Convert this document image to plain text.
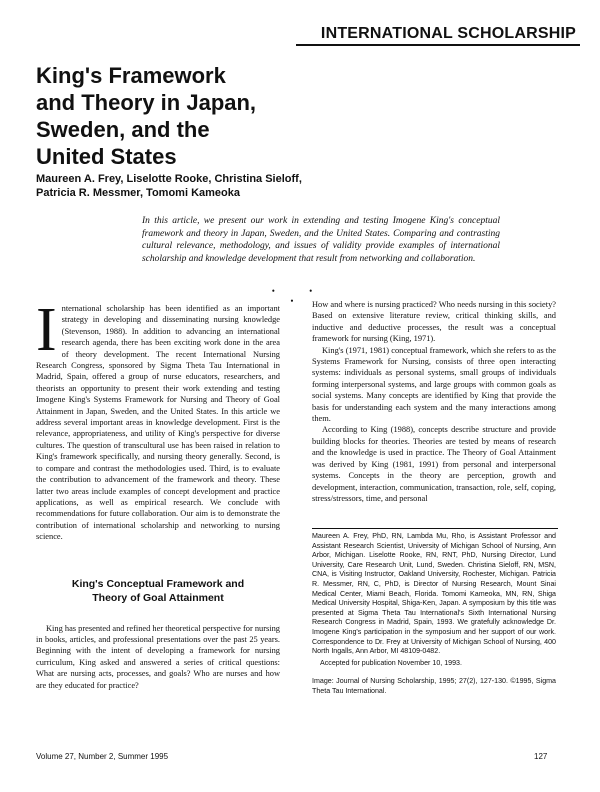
INTERNATIONAL SCHOLARSHIP
King's Framework
and Theory in Japan,
Sweden, and the
United States
Maureen A. Frey, Liselotte Rooke, Christina Sieloff,
Patricia R. Messmer, Tomomi Kameoka
In this article, we present our work in extending and testing Imogene King's conceptual framework and theory in Japan, Sweden, and the United States. Comparing and contrasting cultural relevance, methodology, and issues of validity provide examples of international scholarship and knowledge development that result from networking and collaboration.
• • •

International scholarship has been identified as an important strategy in developing and disseminating nursing knowledge (Stevenson, 1988). In addition to advancing an international research agenda, there has been exciting work done in the area of theory development. The recent International Nursing Research Congress, sponsored by Sigma Theta Tau International in Madrid, Spain, offered a group of nurse educators, researchers, and theorists an opportunity to present their work extending and testing Imogene King's Systems Framework for Nursing and Theory of Goal Attainment in Japan, Sweden, and the United States. In this article we address several important areas in knowledge development. First is the relevance, appropriateness, and utility of King's perspective for diverse cultures. The question of transcultural use has been raised in relation to King's framework specifically, and nursing theory generally. Second, is to compare and contrast the methodologies used. Third, is to evaluate the contribution to advancement of the framework and theory. These latter two areas include examples of concept development and practice applications, as well as empirical research. We conclude with recommendations for future collaboration. Our aim is to demonstrate the contribution of international scholarship and networking to nursing science.

King's Conceptual Framework and
Theory of Goal Attainment

King has presented and refined her theoretical perspective for nursing in books, articles, and professional presentations over the past 25 years. Beginning with the intent of developing a framework for nursing curriculum, King asked and answered a series of critical questions: What are nursing acts, processes, and goals? Who are nurses and how are they educated for practice?

How and where is nursing practiced? Who needs nursing in this society? Based on extensive literature review, critical thinking skills, and inductive and deductive processes, the result was a conceptual framework for nursing (King, 1971).

King's (1971, 1981) conceptual framework, which she refers to as the Systems Framework for Nursing, consists of three open interacting systems: individuals as personal systems, small groups of individuals forming interpersonal systems, and large groups with common goals as social systems. Many concepts are identified by King that provide the basis for understanding each system and the many interactions among them.

According to King (1988), concepts describe structure and provide building blocks for theories. Theories are tested by means of research and the knowledge is used in practice. The Theory of Goal Attainment was derived by King (1981, 1991) from personal and interpersonal systems. Concepts in the theory are perception, growth and development, interaction, communication, transaction, role, self, coping, stress/stressors, time, and personal

Maureen A. Frey, PhD, RN, Lambda Mu, Rho, is Assistant Professor and Assistant Research Scientist, University of Michigan School of Nursing, Ann Arbor, Michigan. Liselotte Rooke, RN, RNT, PhD, Nursing Director, Lund University, Care Research Unit, Lund, Sweden. Christina Sieloff, RN, MSN, CNA, is Visiting Instructor, Oakland University, Rochester, Michigan. Patricia R. Messmer, RN, C, PhD, is Director of Nursing Research, Mount Sinai Medical Center, Miami Beach, Florida. Tomomi Kameoka, MN, RN, Shiga Medical University Hospital, Shiga-Ken, Japan. A symposium by this title was presented at Sigma Theta Tau International's Sixth International Nursing Research Congress in Madrid, Spain, 1993. We gratefully acknowledge Dr. Imogene King's participation in the symposium and her support of our work. Correspondence to Dr. Frey at University of Michigan School of Nursing, 400 North Ingalls, Ann Arbor, MI 48109-0482.

Accepted for publication November 10, 1993.

Image: Journal of Nursing Scholarship, 1995; 27(2), 127-130. ©1995, Sigma Theta Tau International.

Volume 27, Number 2, Summer 1995	127
